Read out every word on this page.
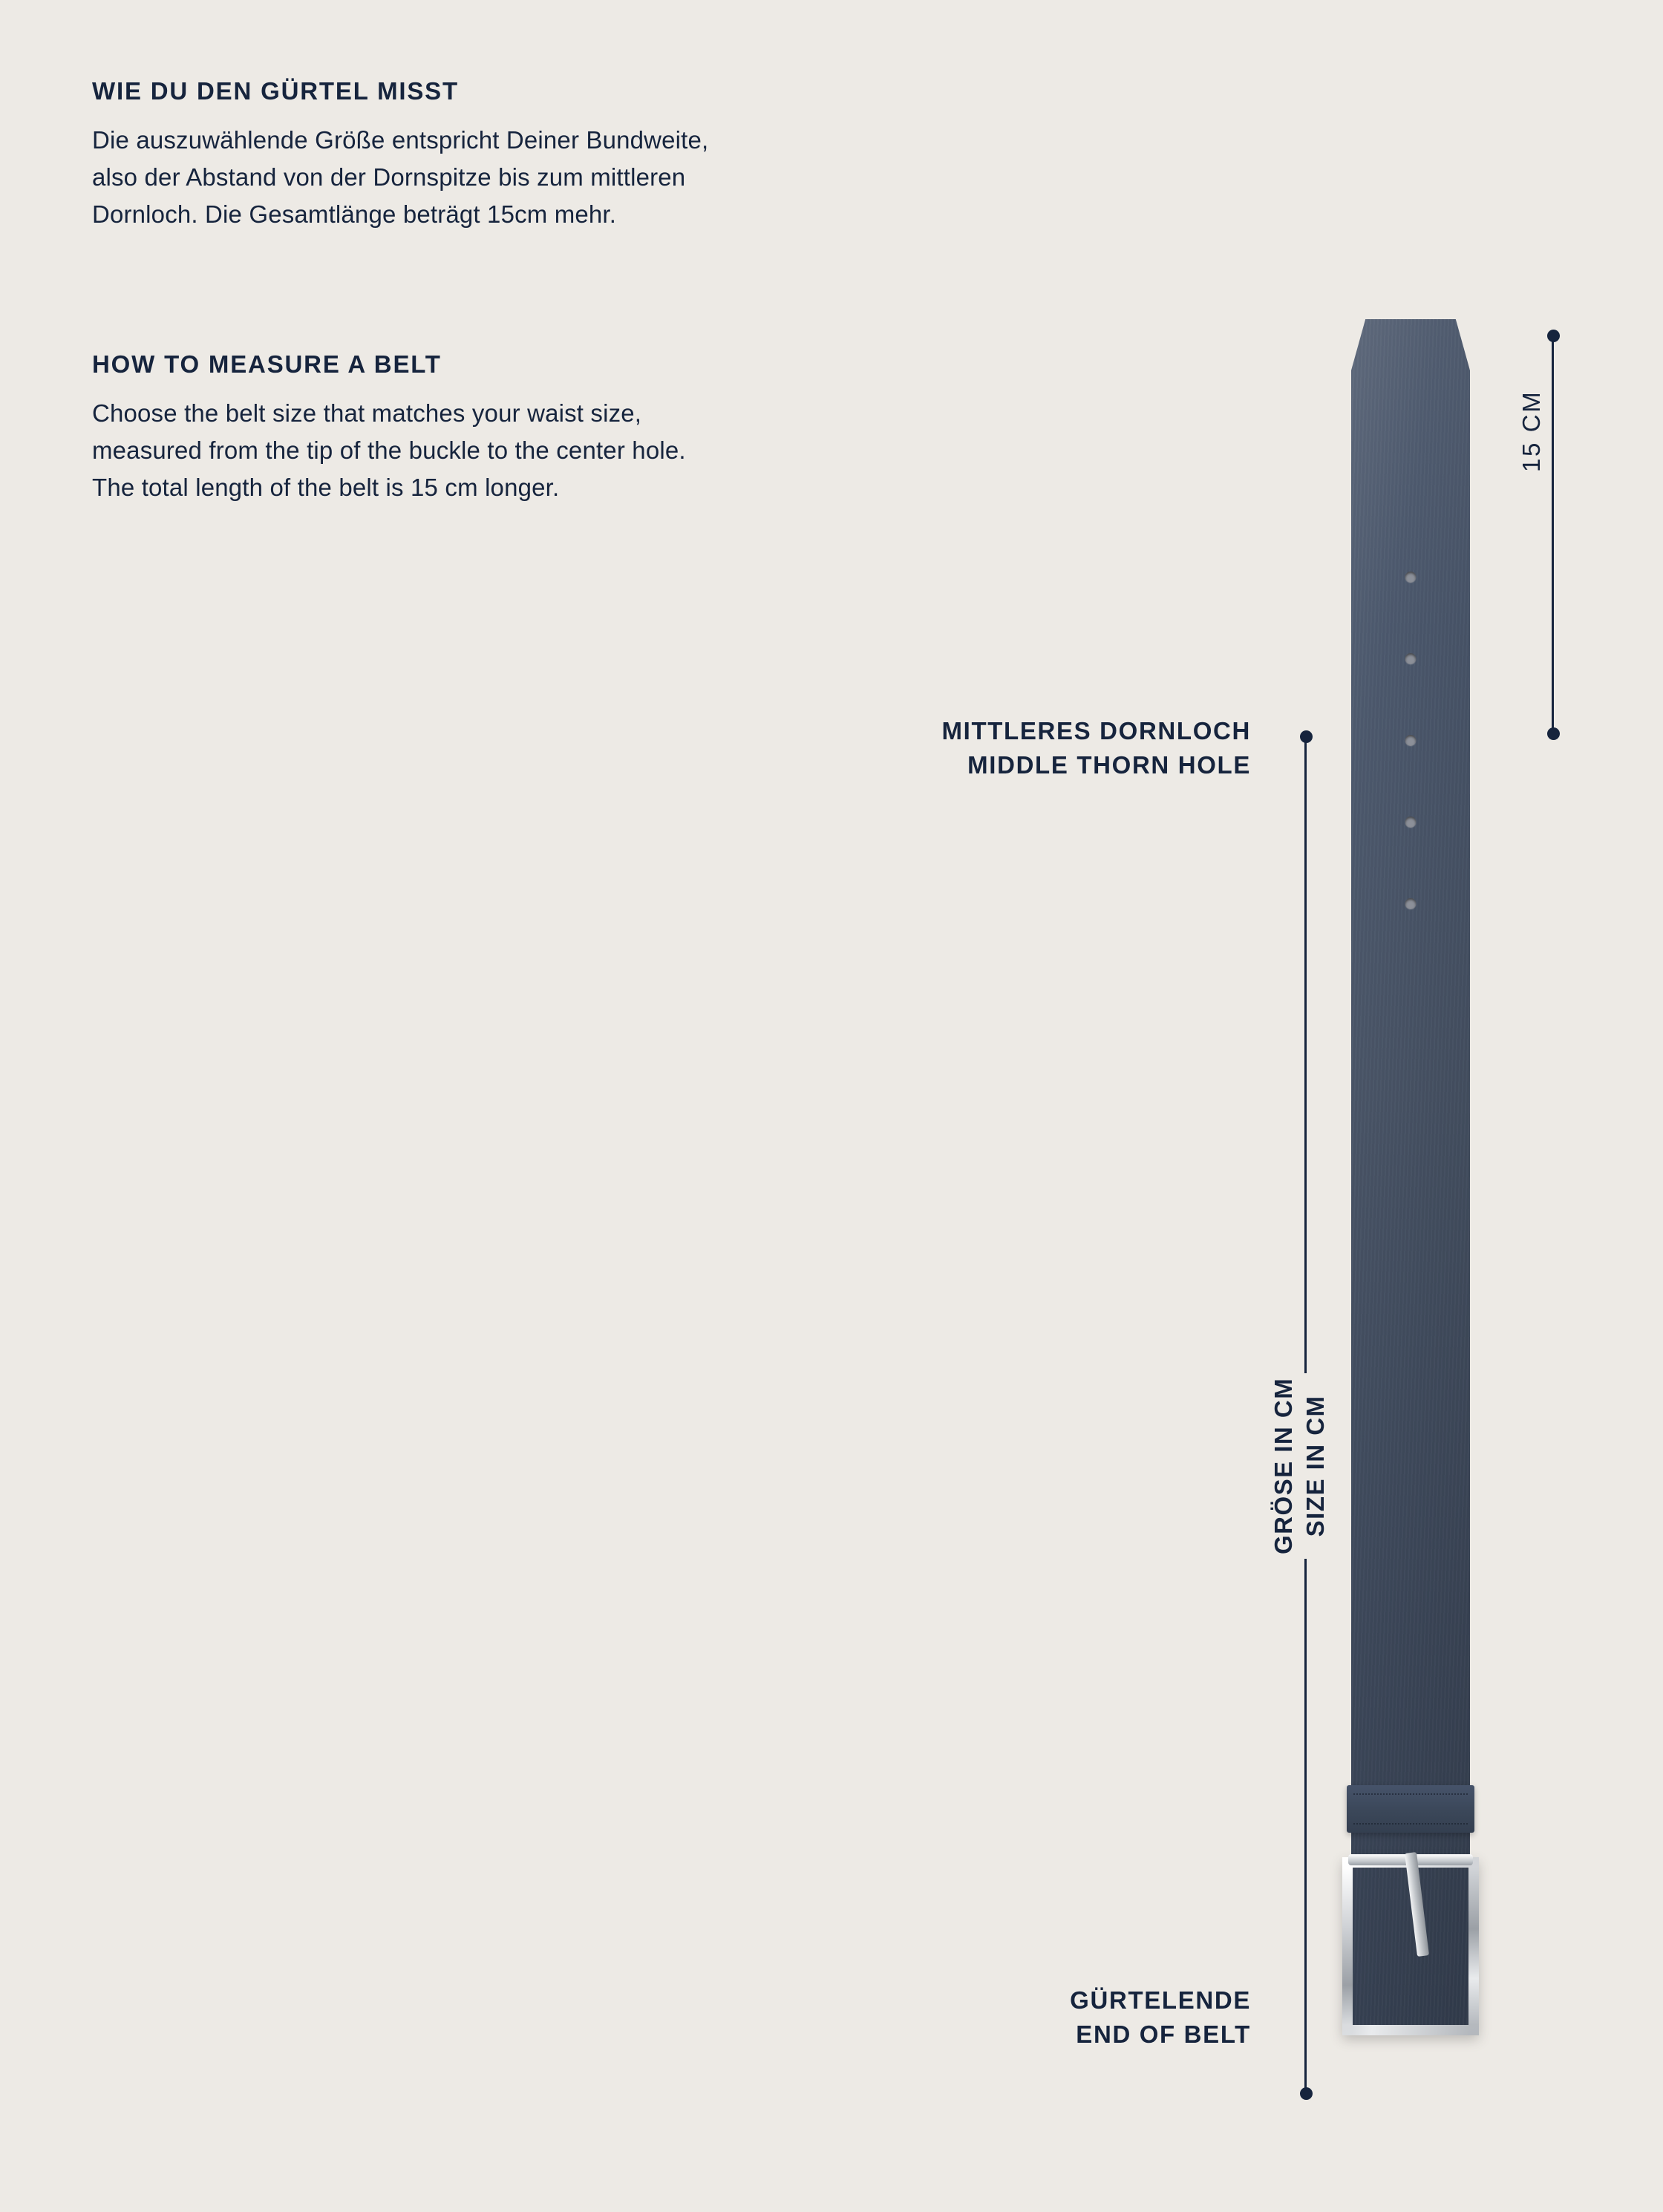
WIE DU DEN GÜRTEL MISST

Die auszuwählende Größe entspricht Deiner Bundweite,
also der Abstand von der Dornspitze bis zum mittleren
Dornloch. Die Gesamtlänge beträgt 15cm mehr.

HOW TO MEASURE A BELT

Choose the belt size that matches your waist size,
measured from the tip of the buckle to the center hole.
The total length of the belt is 15 cm longer.

15 CM
GRÖSE IN CM SIZE IN CM
MITTLERES DORNLOCH
MIDDLE THORN HOLE
GÜRTELENDE
END OF BELT
